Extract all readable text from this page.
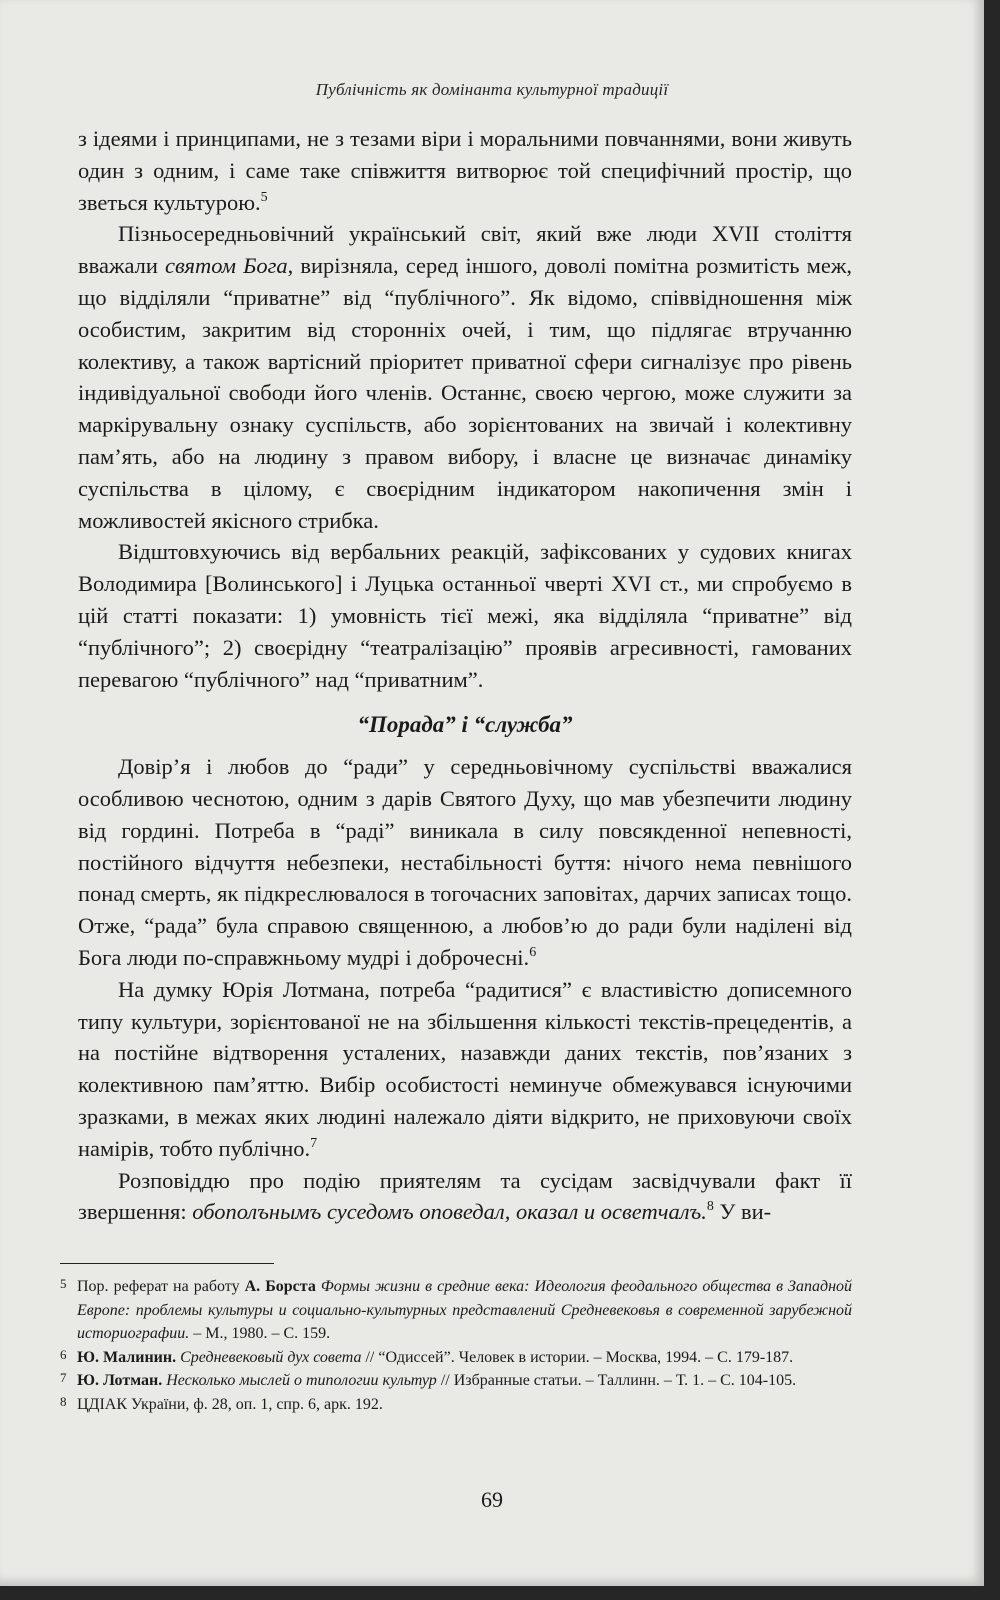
Публічність як домінанта культурної традиції

з ідеями і принципами, не з тезами віри і моральними повчаннями, вони живуть один з одним, і саме таке співжиття витворює той специфічний простір, що зветься культурою.$^5$

Пізньосередньовічний український світ, який вже люди XVII століття вважали святом Бога, вирізняла, серед іншого, доволі помітна розмитість меж, що відділяли “приватне” від “публічного”. Як відомо, співвідношення між особистим, закритим від сторонніх очей, і тим, що підлягає втручанню колективу, а також вартісний пріоритет приватної сфери сигналізує про рівень індивідуальної свободи його членів. Останнє, своєю чергою, може служити за маркірувальну ознаку суспільств, або зорієнтованих на звичай і колективну пам’ять, або на людину з правом вибору, і власне це визначає динаміку суспільства в цілому, є своєрідним індикатором накопичення змін і можливостей якісного стрибка.

Відштовхуючись від вербальних реакцій, зафіксованих у судових книгах Володимира [Волинського] і Луцька останньої чверті XVI ст., ми спробуємо в цій статті показати: 1) умовність тієї межі, яка відділяла “приватне” від “публічного”; 2) своєрідну “театралізацію” проявів агресивності, гамованих перевагою “публічного” над “приватним”.

“Порада” і “служба”

Довір’я і любов до “ради” у середньовічному суспільстві вважалися особливою чеснотою, одним з дарів Святого Духу, що мав убезпечити людину від гордині. Потреба в “раді” виникала в силу повсякденної непевності, постійного відчуття небезпеки, нестабільності буття: нічого нема певнішого понад смерть, як підкреслювалося в тогочасних заповітах, дарчих записах тощо. Отже, “рада” була справою священною, а любов’ю до ради були наділені від Бога люди по-справжньому мудрі і доброчесні.$^6$

На думку Юрія Лотмана, потреба “радитися” є властивістю дописемного типу культури, зорієнтованої не на збільшення кількості текстів-прецедентів, а на постійне відтворення усталених, назавжди даних текстів, пов’язаних з колективною пам’яттю. Вибір особистості неминуче обмежувався існуючими зразками, в межах яких людині належало діяти відкрито, не приховуючи своїх намірів, тобто публічно.$^7$

Розповіддю про подію приятелям та сусідам засвідчували факт її звершення: обополънымъ суседомъ оповедал, оказал и осветчалъ.$^8$ У ви-

5 Пор. реферат на работу А. Борста Формы жизни в средние века: Идеология феодального общества в Западной Европе: проблемы культуры и социально-культурных представлений Средневековья в современной зарубежной историографии. – М., 1980. – С. 159.

6 Ю. Малинин. Средневековый дух совета // “Одиссей”. Человек в истории. – Москва, 1994. – С. 179-187.

7 Ю. Лотман. Несколько мыслей о типологии культур // Избранные статьи. – Таллинн. – Т. 1. – С. 104-105.

8 ЦДІАК України, ф. 28, оп. 1, спр. 6, арк. 192.

69
